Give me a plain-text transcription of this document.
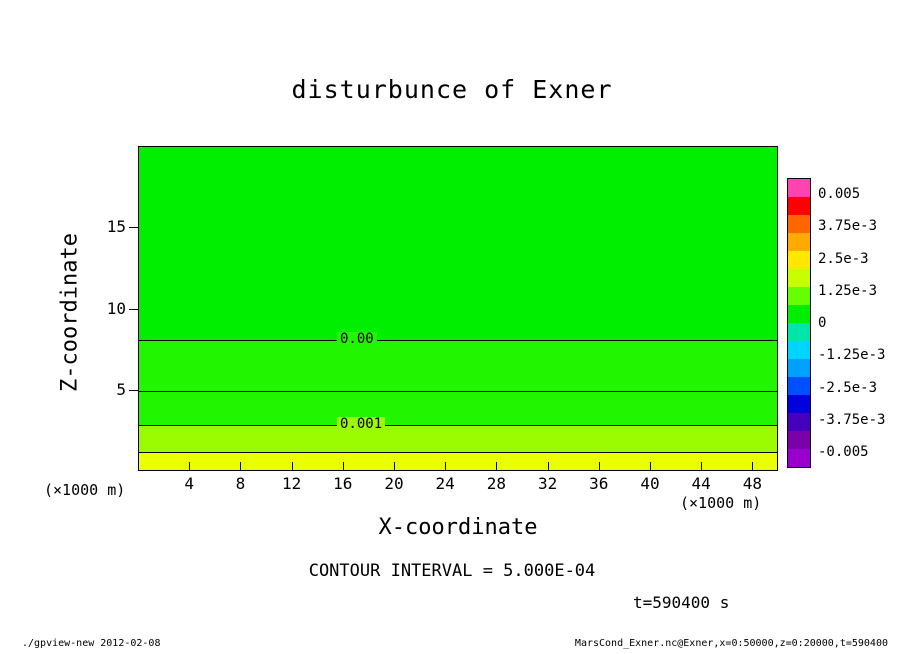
disturbunce of Exner
0.00
0.001
Z-coordinate
X-coordinate
(×1000 m)
(×1000 m)
4	8	12	16	20	24	28	32	36	40	44	48
5
10
15
0.005
3.75e-3
2.5e-3
1.25e-3
0
-1.25e-3
-2.5e-3
-3.75e-3
-0.005
CONTOUR INTERVAL = 5.000E-04
t=590400 s
./gpview-new 2012-02-08	MarsCond_Exner.nc@Exner,x=0:50000,z=0:20000,t=590400
